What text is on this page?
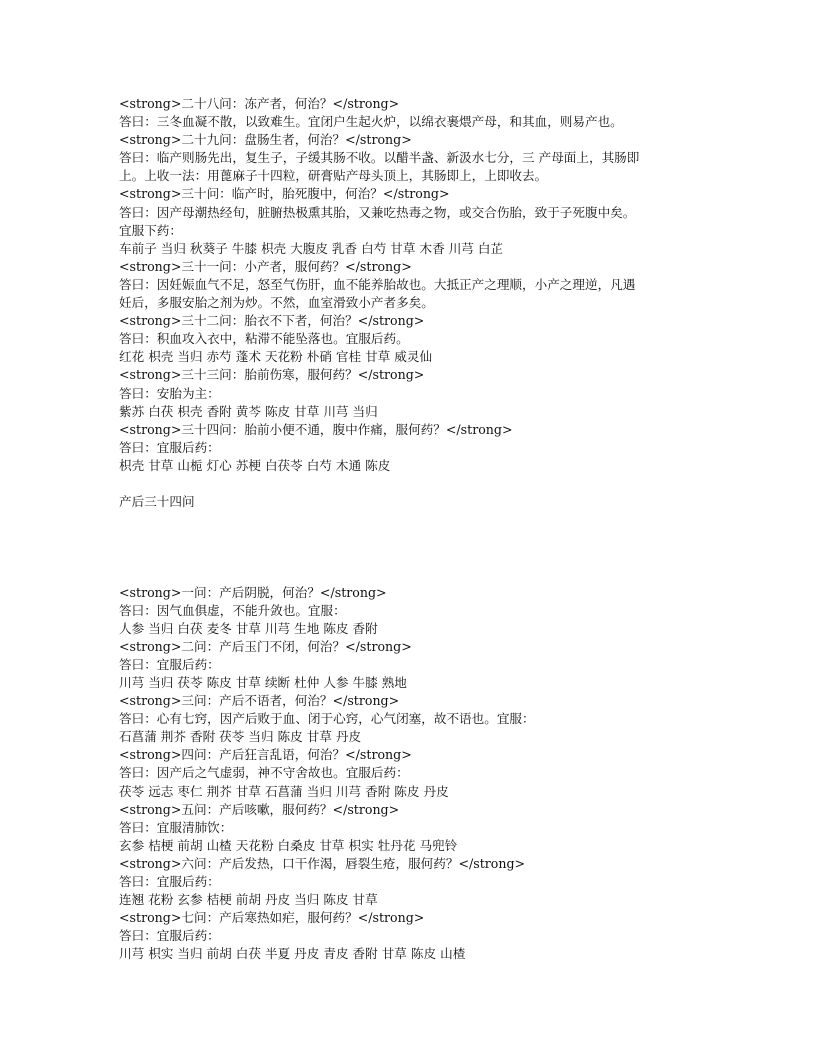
<strong>二十八问：冻产者，何治？</strong>
答曰：三冬血凝不散，以致难生。宜闭户生起火炉，以绵衣裹煨产母，和其血，则易产也。
<strong>二十九问：盘肠生者，何治？</strong>
答曰：临产则肠先出，复生子，子缓其肠不收。以醋半盏、新汲水七分，三 产母面上，其肠即
上。上收一法：用蓖麻子十四粒，研膏贴产母头顶上，其肠即上，上即收去。
<strong>三十问：临产时，胎死腹中，何治？</strong>
答曰：因产母潮热经旬，脏腑热极熏其胎，又兼吃热毒之物，或交合伤胎，致于子死腹中矣。
宜服下药：
车前子 当归 秋葵子 牛膝 枳壳 大腹皮 乳香 白芍 甘草 木香 川芎 白芷
<strong>三十一问：小产者，服何药？</strong>
答曰：因妊娠血气不足，怒至气伤肝，血不能养胎故也。大抵正产之理顺，小产之理逆，凡遇
妊后，多服安胎之剂为炒。不然，血室滑致小产者多矣。
<strong>三十二问：胎衣不下者，何治？</strong>
答曰：积血攻入衣中，粘滞不能坠落也。宜服后药。
红花 枳壳 当归 赤芍 蓬术 天花粉 朴硝 官桂 甘草 威灵仙
<strong>三十三问：胎前伤寒，服何药？</strong>
答曰：安胎为主：
紫苏 白茯 枳壳 香附 黄芩 陈皮 甘草 川芎 当归
<strong>三十四问：胎前小便不通，腹中作痛，服何药？</strong>
答曰：宜服后药：
枳壳 甘草 山栀 灯心 苏梗 白茯苓 白芍 木通 陈皮
产后三十四问
<strong>一问：产后阴脱，何治？</strong>
答曰：因气血俱虚，不能升敛也。宜服：
人参 当归 白茯 麦冬 甘草 川芎 生地 陈皮 香附
<strong>二问：产后玉门不闭，何治？</strong>
答曰：宜服后药：
川芎 当归 茯苓 陈皮 甘草 续断 杜仲 人参 牛膝 熟地
<strong>三问：产后不语者，何治？</strong>
答曰：心有七窍，因产后败于血、闭于心窍，心气闭塞，故不语也。宜服：
石菖蒲 荆芥 香附 茯苓 当归 陈皮 甘草 丹皮
<strong>四问：产后狂言乱语，何治？</strong>
答曰：因产后之气虚弱，神不守舍故也。宜服后药：
茯苓 远志 枣仁 荆芥 甘草 石菖蒲 当归 川芎 香附 陈皮 丹皮
<strong>五问：产后咳嗽，服何药？</strong>
答曰：宜服清肺饮：
玄参 桔梗 前胡 山楂 天花粉 白桑皮 甘草 枳实 牡丹花 马兜铃
<strong>六问：产后发热，口干作渴，唇裂生疮，服何药？</strong>
答曰：宜服后药：
连翘 花粉 玄参 桔梗 前胡 丹皮 当归 陈皮 甘草
<strong>七问：产后寒热如疟，服何药？</strong>
答曰：宜服后药：
川芎 枳实 当归 前胡 白茯 半夏 丹皮 青皮 香附 甘草 陈皮 山楂
